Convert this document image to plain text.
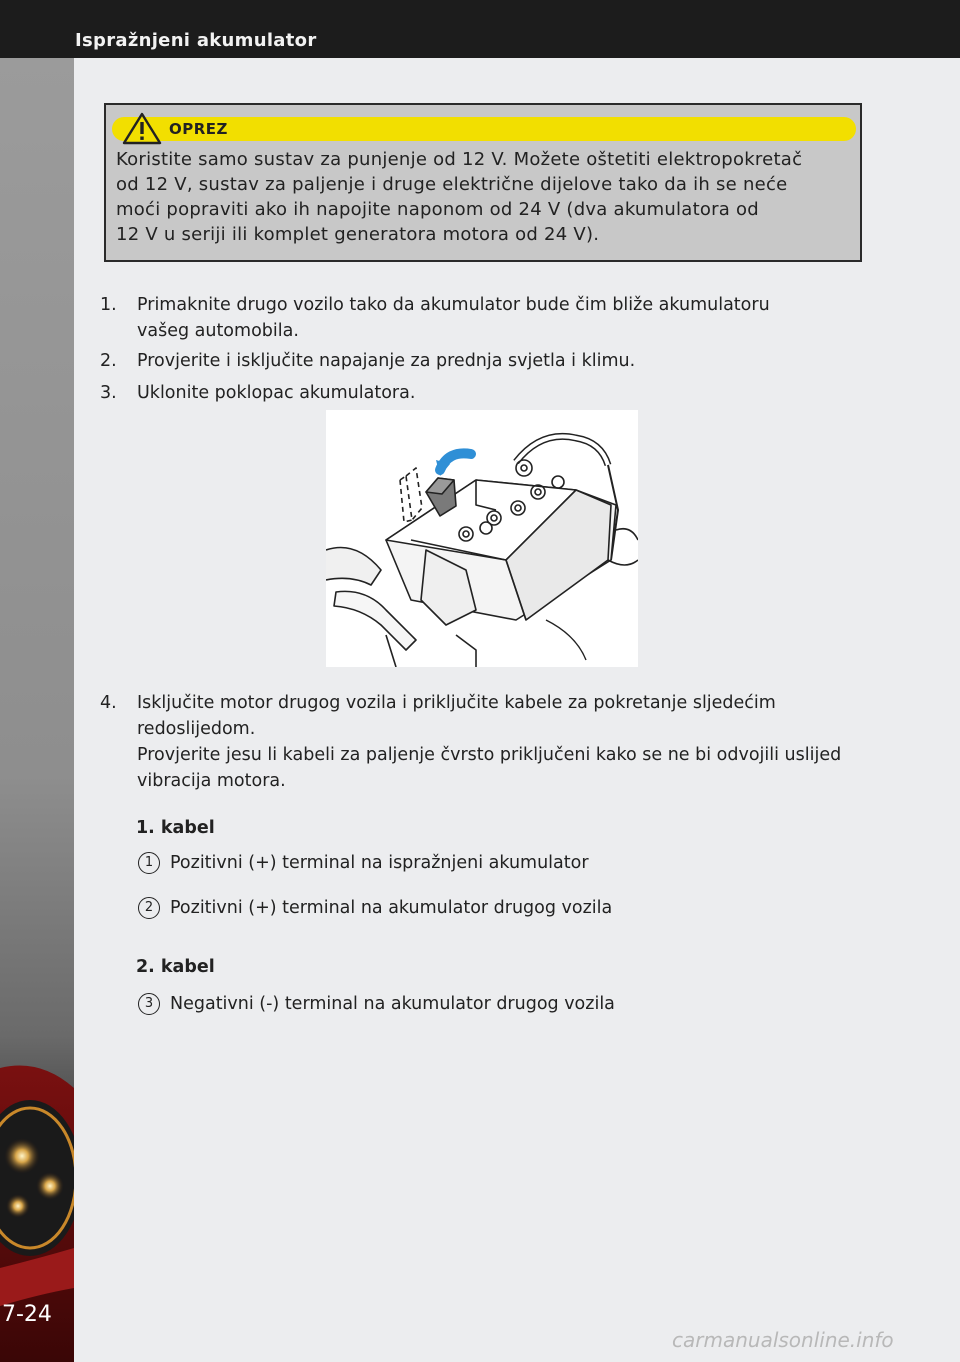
Ispražnjeni akumulator
7-24
OPREZ
Koristite samo sustav za punjenje od 12 V. Možete oštetiti elektropokretač
od 12 V, sustav za paljenje i druge električne dijelove tako da ih se neće
moći popraviti ako ih napojite naponom od 24 V (dva akumulatora od
12 V u seriji ili komplet generatora motora od 24 V).
1. Primaknite drugo vozilo tako da akumulator bude čim bliže akumulatoru
vašeg automobila.
2. Provjerite i isključite napajanje za prednja svjetla i klimu.
3. Uklonite poklopac akumulatora.
4. Isključite motor drugog vozila i priključite kabele za pokretanje sljedećim
redoslijedom.
Provjerite jesu li kabeli za paljenje čvrsto priključeni kako se ne bi odvojili uslijed
vibracija motora.
1. kabel
1 Pozitivni (+) terminal na ispražnjeni akumulator
2 Pozitivni (+) terminal na akumulator drugog vozila
2. kabel
3 Negativni (-) terminal na akumulator drugog vozila
carmanualsonline.info
